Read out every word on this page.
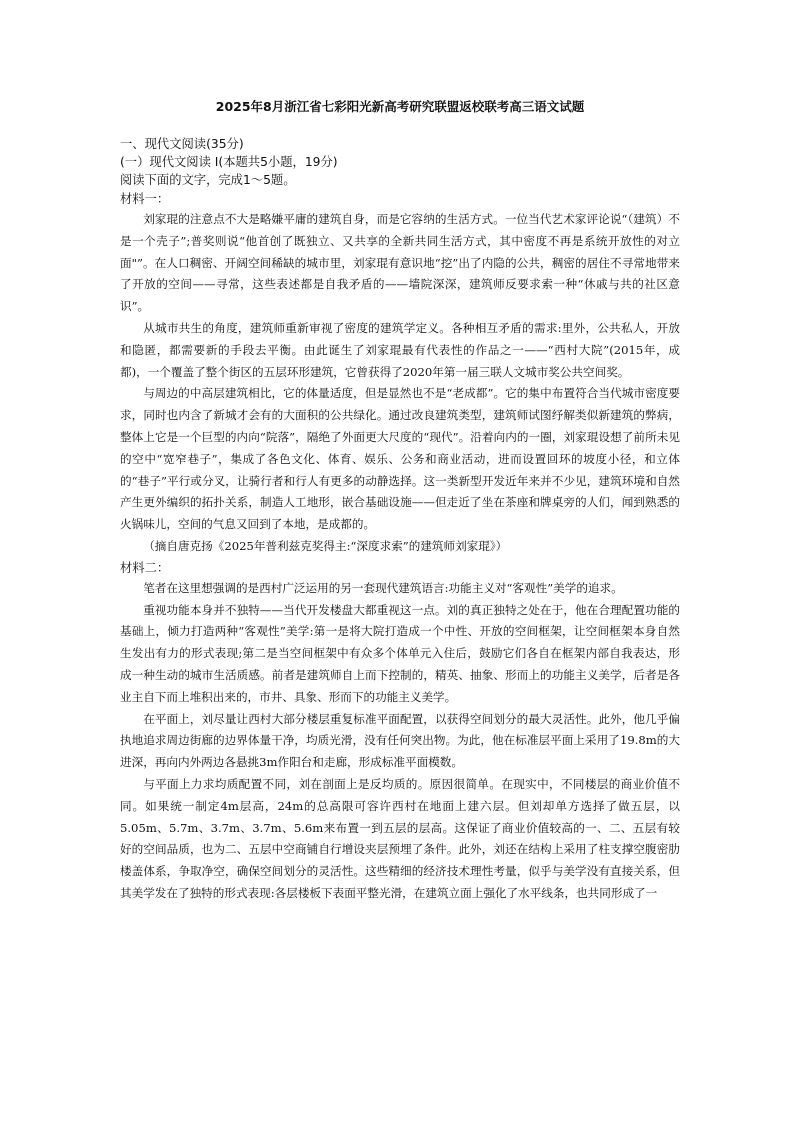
2025年8月浙江省七彩阳光新高考研究联盟返校联考高三语文试题
一、现代文阅读(35分)
(一）现代文阅读 I(本题共5小题，19分)
阅读下面的文字，完成1～5题。
材料一：

刘家琨的注意点不大是略嫌平庸的建筑自身，而是它容纳的生活方式。一位当代艺术家评论说“（建筑）不是一个壳子”;普奖则说“他首创了既独立、又共享的全新共同生活方式，其中密度不再是系统开放性的对立面"”。在人口稠密、开阔空间稀缺的城市里，刘家琨有意识地“挖”出了内隐的公共，稠密的居住不寻常地带来了开放的空间——寻常，这些表述都是自我矛盾的——墙院深深，建筑师反要求索一种“休戚与共的社区意识”。

从城市共生的角度，建筑师重新审视了密度的建筑学定义。各种相互矛盾的需求:里外，公共私人，开放和隐匿，都需要新的手段去平衡。由此诞生了刘家琨最有代表性的作品之一——“西村大院”(2015年，成都)，一个覆盖了整个街区的五层环形建筑，它曾获得了2020年第一届三联人文城市奖公共空间奖。

与周边的中高层建筑相比，它的体量适度，但是显然也不是“老成都”。它的集中布置符合当代城市密度要求，同时也内含了新城才会有的大面积的公共绿化。通过改良建筑类型，建筑师试图纾解类似新建筑的弊病，整体上它是一个巨型的内向“院落”，隔绝了外面更大尺度的“现代”。沿着向内的一圈，刘家琨设想了前所未见的空中“宽窄巷子”，集成了各色文化、体育、娱乐、公务和商业活动，进而设置回环的坡度小径，和立体的“巷子”平行或分叉，让骑行者和行人有更多的动静选择。这一类新型开发近年来并不少见，建筑环境和自然产生更外编织的拓扑关系，制造人工地形，嵌合基础设施——但走近了坐在茶座和牌桌旁的人们，闻到熟悉的火锅味儿，空间的气息又回到了本地，是成都的。

（摘自唐克扬《2025年普利兹克奖得主:“深度求索”的建筑师刘家琨》）

材料二：

笔者在这里想强调的是西村广泛运用的另一套现代建筑语言:功能主义对“客观性”美学的追求。

重视功能本身并不独特——当代开发楼盘大都重视这一点。刘的真正独特之处在于，他在合理配置功能的基础上，倾力打造两种“客观性”美学:第一是将大院打造成一个中性、开放的空间框架，让空间框架本身自然生发出有力的形式表现;第二是当空间框架中有众多个体单元入住后，鼓励它们各自在框架内部自我表达，形成一种生动的城市生活质感。前者是建筑师自上而下控制的，精英、抽象、形而上的功能主义美学，后者是各业主自下而上堆积出来的，市井、具象、形而下的功能主义美学。

在平面上，刘尽量让西村大部分楼层重复标准平面配置，以获得空间划分的最大灵活性。此外，他几乎偏执地追求周边街廊的边界体量干净，均质光滑，没有任何突出物。为此，他在标准层平面上采用了19.8m的大进深，再向内外两边各悬挑3m作阳台和走廊，形成标准平面模数。

与平面上力求均质配置不同，刘在剖面上是反均质的。原因很简单。在现实中，不同楼层的商业价值不同。如果统一制定4m层高，24m的总高限可容许西村在地面上建六层。但刘却单方选择了做五层，以5.05m、5.7m、3.7m、3.7m、5.6m来布置一到五层的层高。这保证了商业价值较高的一、二、五层有较好的空间品质，也为二、五层中空商铺自行增设夹层预埋了条件。此外，刘还在结构上采用了柱支撑空腹密肋楼盖体系，争取净空，确保空间划分的灵活性。这些精细的经济技术理性考量，似乎与美学没有直接关系，但其美学发在了独特的形式表现:各层楼板下表面平整光滑，在建筑立面上强化了水平线条，也共同形成了一
